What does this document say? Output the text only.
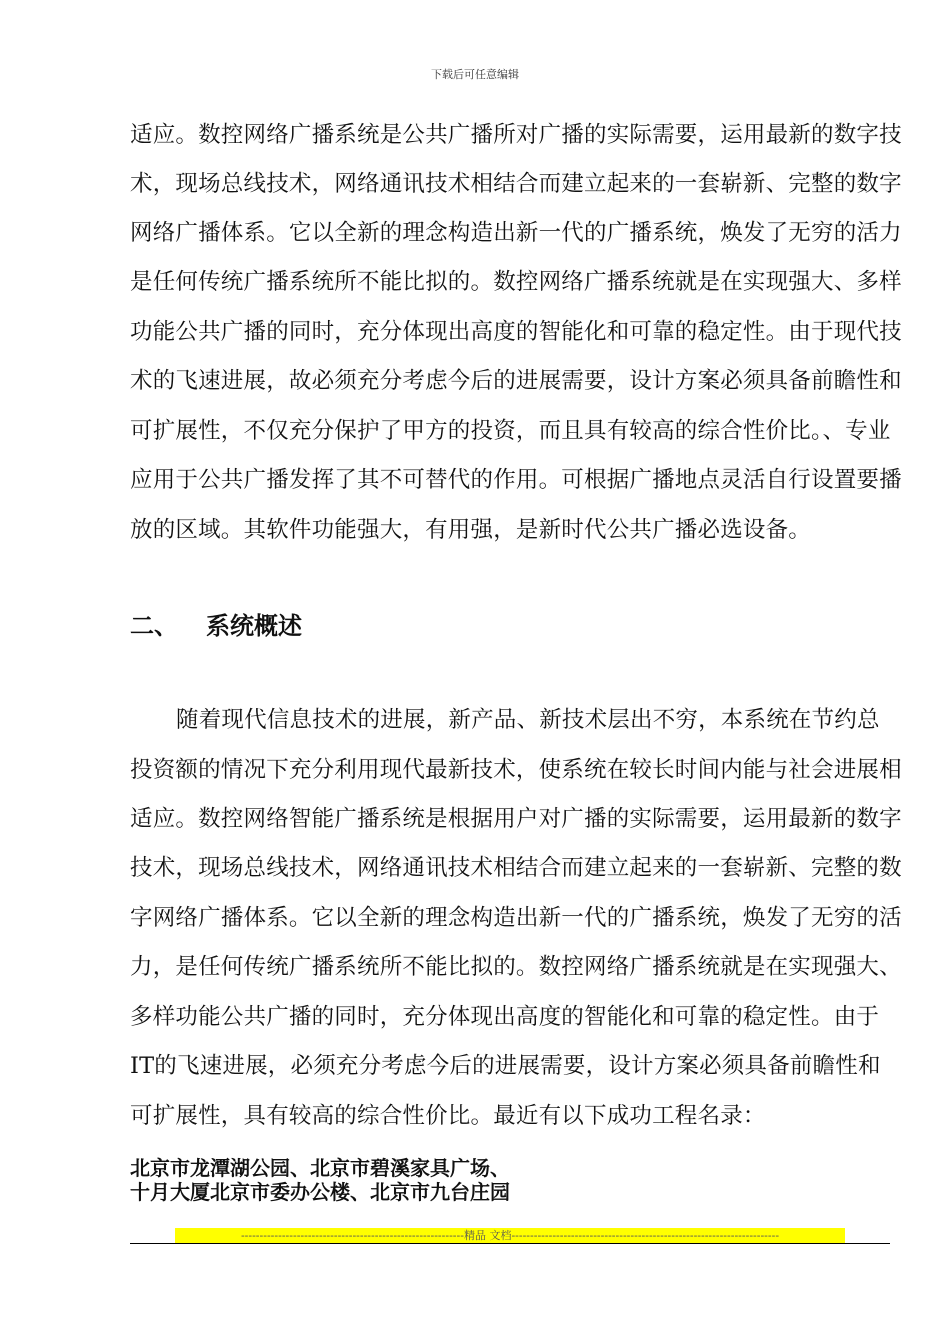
下载后可任意编辑
适应。数控网络广播系统是公共广播所对广播的实际需要，运用最新的数字技
术，现场总线技术，网络通讯技术相结合而建立起来的一套崭新、完整的数字
网络广播体系。它以全新的理念构造出新一代的广播系统，焕发了无穷的活力
是任何传统广播系统所不能比拟的。数控网络广播系统就是在实现强大、多样
功能公共广播的同时，充分体现出高度的智能化和可靠的稳定性。由于现代技
术的飞速进展，故必须充分考虑今后的进展需要，设计方案必须具备前瞻性和
可扩展性，不仅充分保护了甲方的投资，而且具有较高的综合性价比。、专业
应用于公共广播发挥了其不可替代的作用。可根据广播地点灵活自行设置要播
放的区域。其软件功能强大，有用强，是新时代公共广播必选设备。
二、 系统概述
随着现代信息技术的进展，新产品、新技术层出不穷，本系统在节约总
投资额的情况下充分利用现代最新技术，使系统在较长时间内能与社会进展相
适应。数控网络智能广播系统是根据用户对广播的实际需要，运用最新的数字
技术，现场总线技术，网络通讯技术相结合而建立起来的一套崭新、完整的数
字网络广播体系。它以全新的理念构造出新一代的广播系统，焕发了无穷的活
力，是任何传统广播系统所不能比拟的。数控网络广播系统就是在实现强大、
多样功能公共广播的同时，充分体现出高度的智能化和可靠的稳定性。由于
IT的飞速进展，必须充分考虑今后的进展需要，设计方案必须具备前瞻性和
可扩展性，具有较高的综合性价比。最近有以下成功工程名录：
北京市龙潭湖公园、北京市碧溪家具广场、
十月大厦北京市委办公楼、北京市九台庄园
------------------------------------------------------------精品 文档------------------------------------------------------------------------
